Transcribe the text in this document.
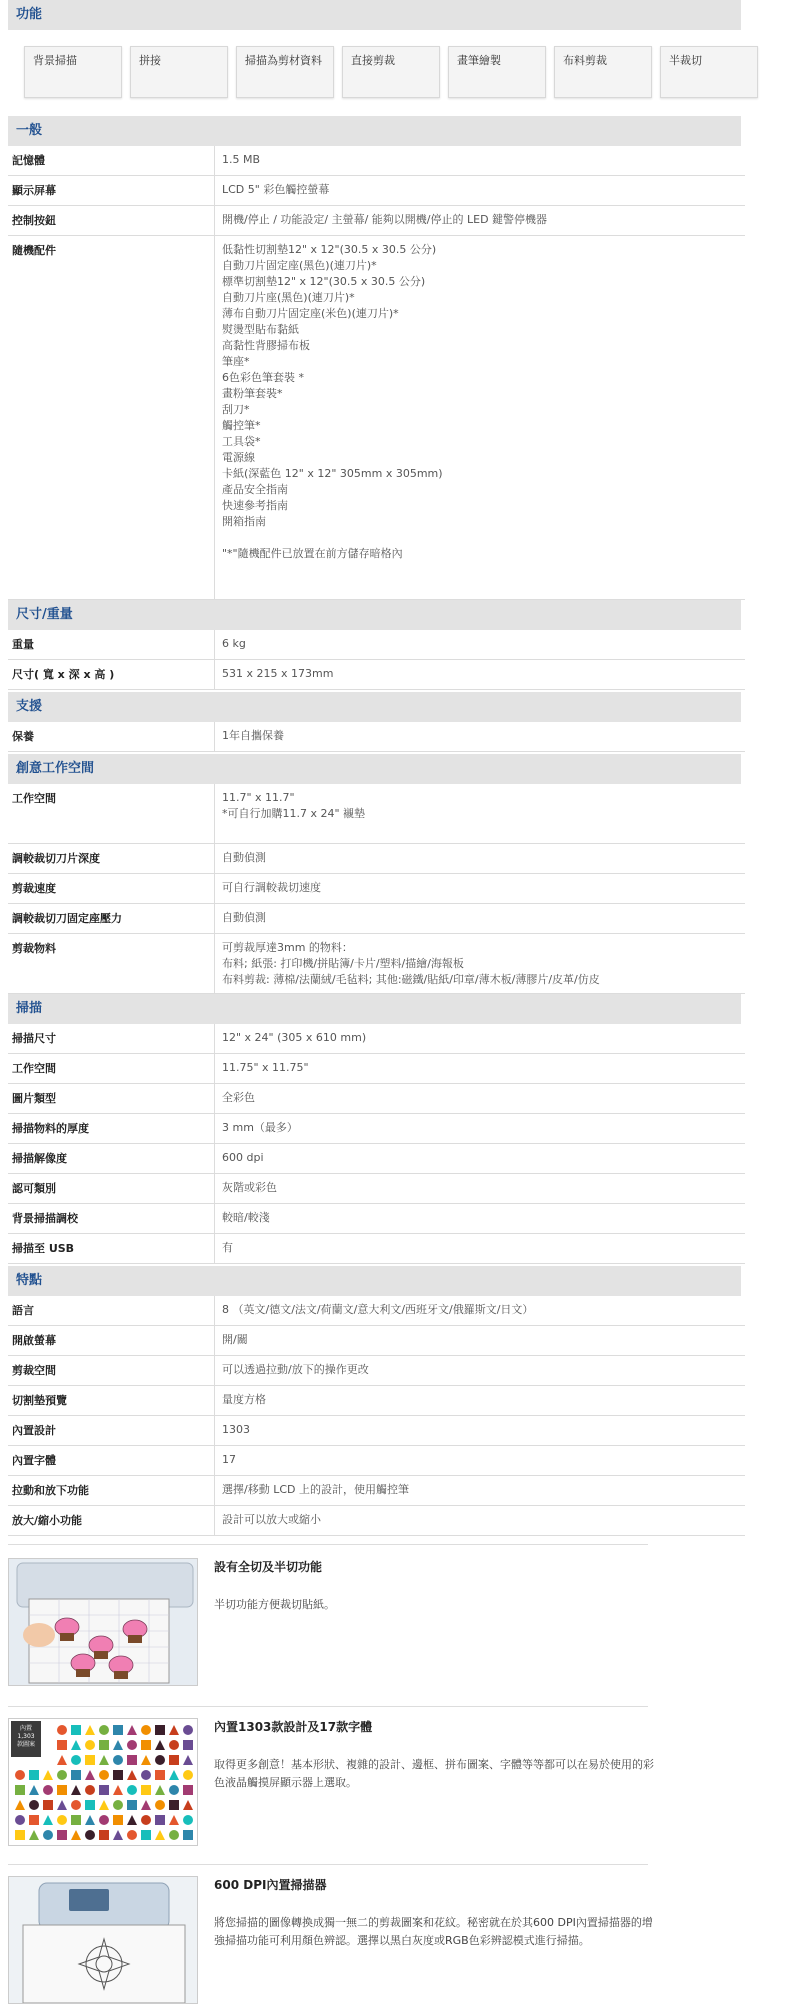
功能
背景掃描	拼接	掃描為剪材資料	直接剪裁	畫筆繪製	布料剪裁	半裁切
一般
記憶體	1.5 MB
顯示屏幕	LCD 5" 彩色觸控螢幕
控制按鈕	開機/停止 / 功能設定/ 主螢幕/ 能夠以開機/停止的 LED 鍵警停機器
隨機配件	低黏性切割墊12" x 12"(30.5 x 30.5 公分)
自動刀片固定座(黑色)(連刀片)*
標準切割墊12" x 12"(30.5 x 30.5 公分)
自動刀片座(黑色)(連刀片)*
薄布自動刀片固定座(米色)(連刀片)*
熨燙型貼布黏紙
高黏性背膠掃布板
筆座*
6色彩色筆套裝 *
畫粉筆套裝*
刮刀*
觸控筆*
工具袋*
電源線
卡紙(深藍色 12" x 12" 305mm x 305mm)
產品安全指南
快速參考指南
開箱指南

"*"隨機配件已放置在前方儲存暗格內
尺寸/重量
重量	6 kg
尺寸( 寬 x 深 x 高 )	531 x 215 x 173mm
支援
保養	1年自攜保養
創意工作空間
工作空間	11.7" x 11.7"
*可自行加購11.7 x 24" 襯墊
調較裁切刀片深度	自動偵測
剪裁速度	可自行調較裁切速度
調較裁切刀固定座壓力	自動偵測
剪裁物料	可剪裁厚達3mm 的物料：
布料; 紙張: 打印機/拼貼簿/卡片/塑料/描繪/海報板
布料剪裁: 薄棉/法蘭絨/毛毡料; 其他:磁鐵/貼紙/印章/薄木板/薄膠片/皮革/仿皮
掃描
掃描尺寸	12" x 24" (305 x 610 mm)
工作空間	11.75" x 11.75"
圖片類型	全彩色
掃描物料的厚度	3 mm（最多）
掃描解像度	600 dpi
認可類別	灰階或彩色
背景掃描調校	較暗/較淺
掃描至 USB	有
特點
語言	8 （英文/德文/法文/荷蘭文/意大利文/西班牙文/俄羅斯文/日文）
開啟螢幕	開/關
剪裁空間	可以透過拉動/放下的操作更改
切割墊預覽	量度方格
內置設計	1303
內置字體	17
拉動和放下功能	選擇/移動 LCD 上的設計，使用觸控筆
放大/縮小功能	設計可以放大或縮小
設有全切及半切功能
半切功能方便裁切貼紙。
內置
1,303
款圖案
內置1303款設計及17款字體
取得更多創意！基本形狀、複雜的設計、邊框、拼布圖案、字體等等都可以在易於使用的彩色液晶觸摸屏顯示器上選取。
600 DPI內置掃描器
將您掃描的圖像轉換成獨一無二的剪裁圖案和花紋。秘密就在於其600 DPI內置掃描器的增強掃描功能可利用顏色辨認。選擇以黑白灰度或RGB色彩辨認模式進行掃描。
